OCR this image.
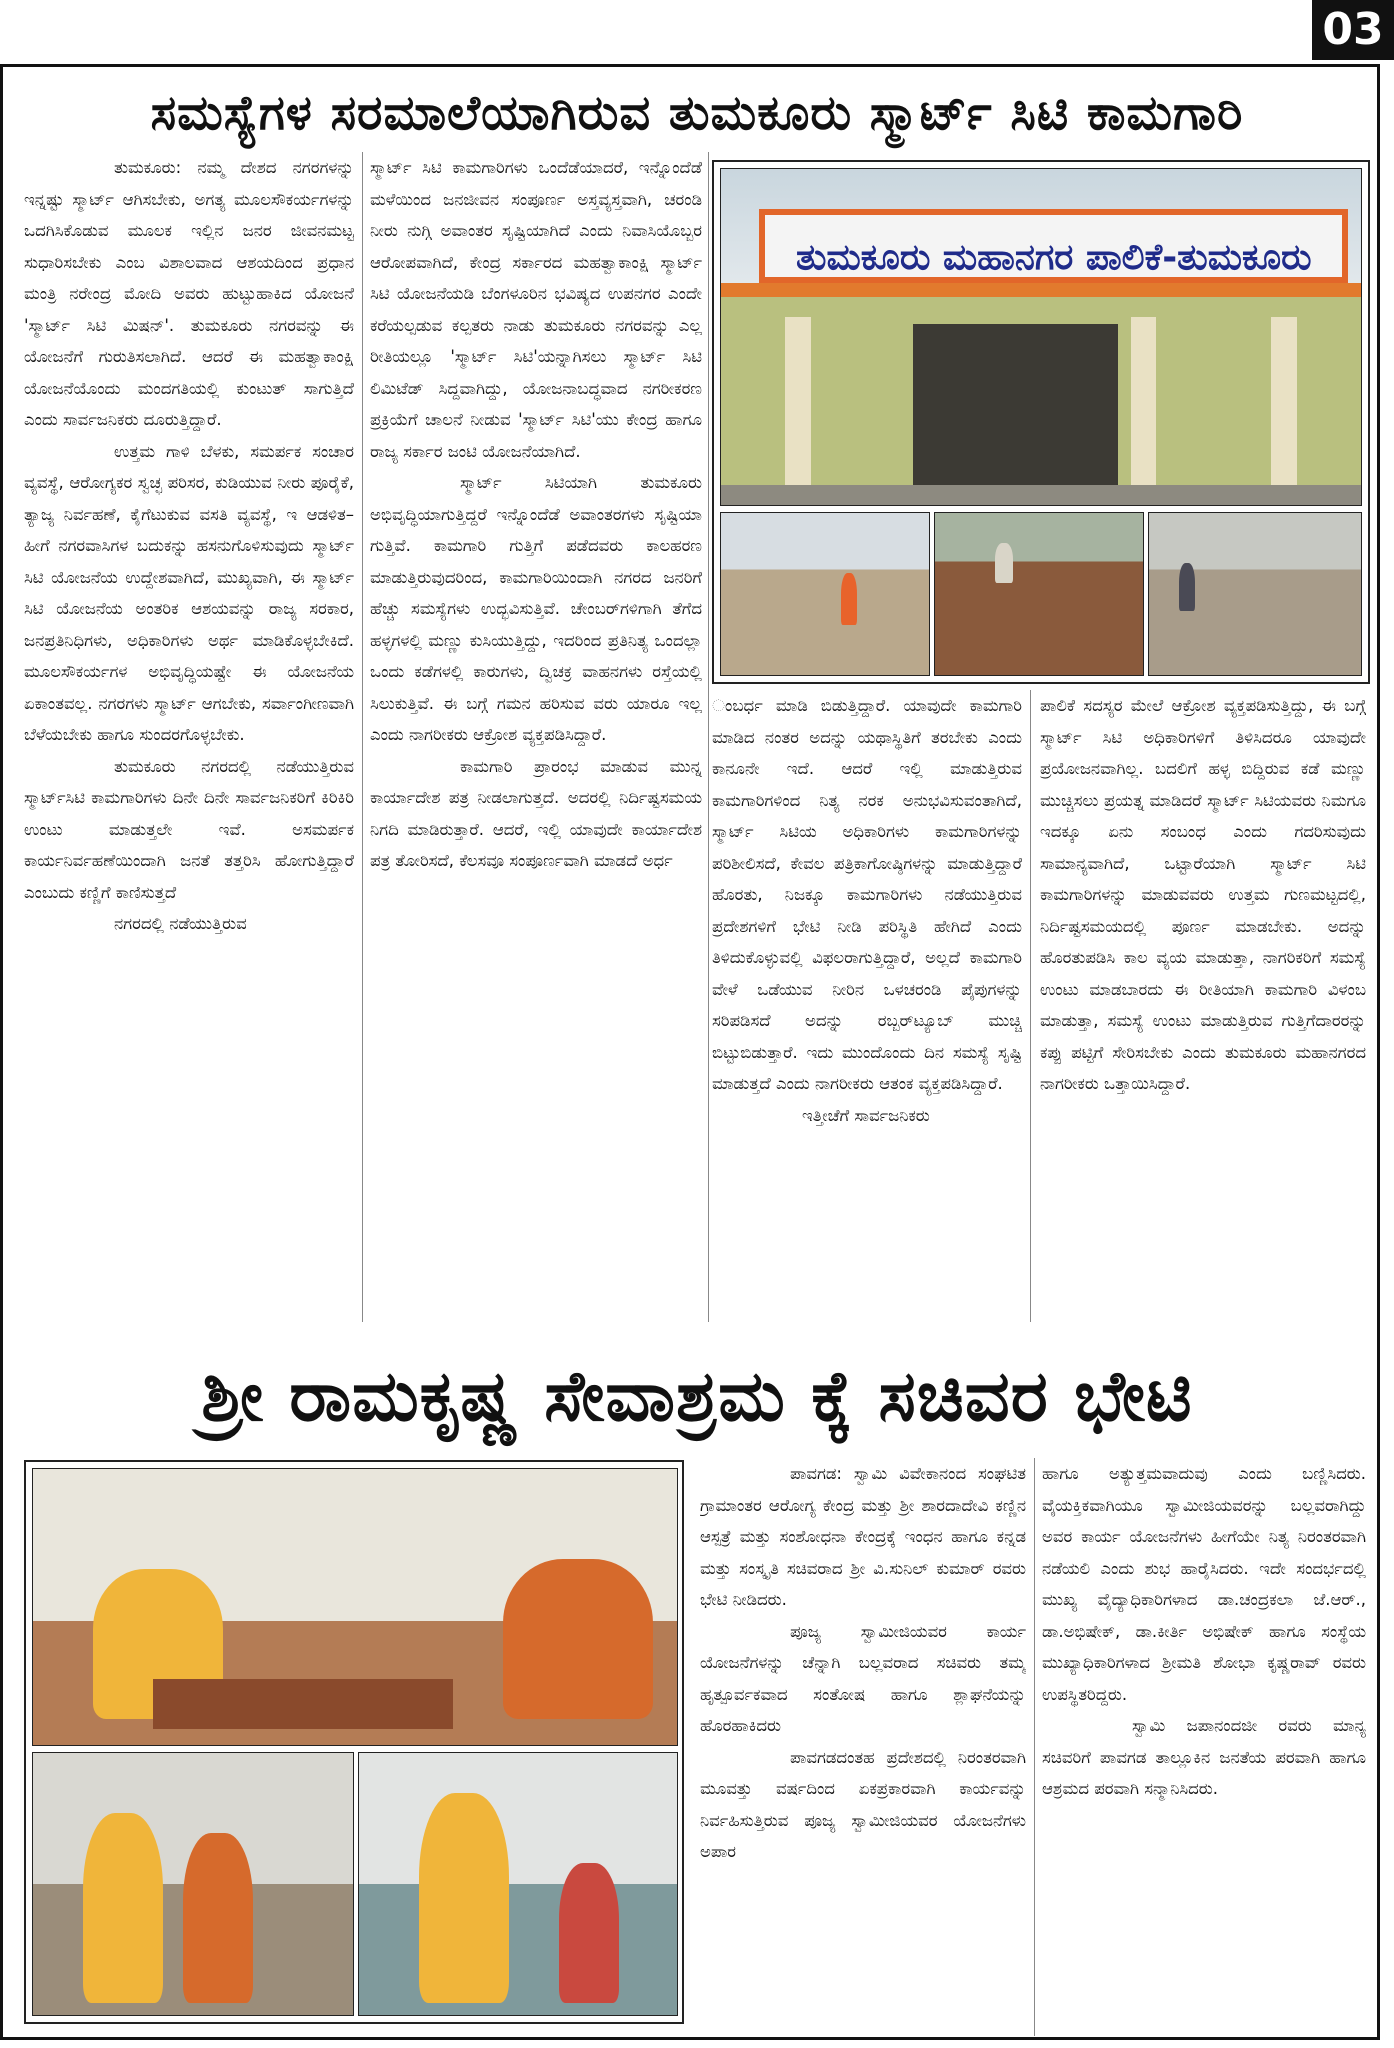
03
ಸಮಸ್ಯೆಗಳ ಸರಮಾಲೆಯಾಗಿರುವ ತುಮಕೂರು ಸ್ಮಾರ್ಟ್ ಸಿಟಿ ಕಾಮಗಾರಿ

ತುಮಕೂರು: ನಮ್ಮ ದೇಶದ ನಗರಗಳನ್ನು ಇನ್ನಷ್ಟು ಸ್ಮಾರ್ಟ್ ಆಗಿಸಬೇಕು, ಅಗತ್ಯ ಮೂಲಸೌಕರ್ಯಗಳನ್ನು ಒದಗಿಸಿಕೊಡುವ ಮೂಲಕ ಇಲ್ಲಿನ ಜನರ ಜೀವನಮಟ್ಟ ಸುಧಾರಿಸಬೇಕು ಎಂಬ ವಿಶಾಲವಾದ ಆಶಯದಿಂದ ಪ್ರಧಾನ ಮಂತ್ರಿ ನರೇಂದ್ರ ಮೋದಿ ಅವರು ಹುಟ್ಟುಹಾಕಿದ ಯೋಜನೆ 'ಸ್ಮಾರ್ಟ್ ಸಿಟಿ ಮಿಷನ್'. ತುಮಕೂರು ನಗರವನ್ನು ಈ ಯೋಜನೆಗೆ ಗುರುತಿಸಲಾಗಿದೆ. ಆದರೆ ಈ ಮಹತ್ವಾಕಾಂಕ್ಷಿ ಯೋಜನೆಯೊಂದು ಮಂದಗತಿಯಲ್ಲಿ ಕುಂಟುತ್ ಸಾಗುತ್ತಿದೆ ಎಂದು ಸಾರ್ವಜನಿಕರು ದೂರುತ್ತಿದ್ದಾರೆ.

ಉತ್ತಮ ಗಾಳಿ ಬೆಳಕು, ಸಮರ್ಪಕ ಸಂಚಾರ ವ್ಯವಸ್ಥೆ, ಆರೋಗ್ಯಕರ ಸ್ವಚ್ಛ ಪರಿಸರ, ಕುಡಿಯುವ ನೀರು ಪೂರೈಕೆ, ತ್ಯಾಜ್ಯ ನಿರ್ವಹಣೆ, ಕೈಗೆಟುಕುವ ವಸತಿ ವ್ಯವಸ್ಥೆ, ಇ ಆಡಳಿತ– ಹೀಗೆ ನಗರವಾಸಿಗಳ ಬದುಕನ್ನು ಹಸನುಗೊಳಿಸುವುದು ಸ್ಮಾರ್ಟ್ ಸಿಟಿ ಯೋಜನೆಯ ಉದ್ದೇಶವಾಗಿದೆ, ಮುಖ್ಯವಾಗಿ, ಈ ಸ್ಮಾರ್ಟ್ ಸಿಟಿ ಯೋಜನೆಯ ಅಂತರಿಕ ಆಶಯವನ್ನು ರಾಜ್ಯ ಸರಕಾರ, ಜನಪ್ರತಿನಿಧಿಗಳು, ಅಧಿಕಾರಿಗಳು ಅರ್ಥ ಮಾಡಿಕೊಳ್ಳಬೇಕಿದೆ. ಮೂಲಸೌಕರ್ಯಗಳ ಅಭಿವೃದ್ಧಿಯಷ್ಟೇ ಈ ಯೋಜನೆಯ ಏಕಾಂತವಲ್ಲ. ನಗರಗಳು ಸ್ಮಾರ್ಟ್ ಆಗಬೇಕು, ಸರ್ವಾಂಗೀಣವಾಗಿ ಬೆಳೆಯಬೇಕು ಹಾಗೂ ಸುಂದರಗೊಳ್ಳಬೇಕು.

ತುಮಕೂರು ನಗರದಲ್ಲಿ ನಡೆಯುತ್ತಿರುವ ಸ್ಮಾರ್ಟ್‌ಸಿಟಿ ಕಾಮಗಾರಿಗಳು ದಿನೇ ದಿನೇ ಸಾರ್ವಜನಿಕರಿಗೆ ಕಿರಿಕಿರಿ ಉಂಟು ಮಾಡುತ್ತಲೇ ಇವೆ. ಅಸಮರ್ಪಕ ಕಾರ್ಯನಿರ್ವಹಣೆಯಿಂದಾಗಿ ಜನತೆ ತತ್ತರಿಸಿ ಹೋಗುತ್ತಿದ್ದಾರೆ ಎಂಬುದು ಕಣ್ಣಿಗೆ ಕಾಣಿಸುತ್ತದೆ

ನಗರದಲ್ಲಿ ನಡೆಯುತ್ತಿರುವ

ಸ್ಮಾರ್ಟ್ ಸಿಟಿ ಕಾಮಗಾರಿಗಳು ಒಂದೆಡೆಯಾದರೆ, ಇನ್ನೊಂದೆಡೆ ಮಳೆಯಿಂದ ಜನಜೀವನ ಸಂಪೂರ್ಣ ಅಸ್ತವ್ಯಸ್ತವಾಗಿ, ಚರಂಡಿ ನೀರು ನುಗ್ಗಿ ಅವಾಂತರ ಸೃಷ್ಟಿಯಾಗಿದೆ ಎಂದು ನಿವಾಸಿಯೊಬ್ಬರ ಆರೋಪವಾಗಿದೆ, ಕೇಂದ್ರ ಸರ್ಕಾರದ ಮಹತ್ವಾಕಾಂಕ್ಷಿ ಸ್ಮಾರ್ಟ್ ಸಿಟಿ ಯೋಜನೆಯಡಿ ಬೆಂಗಳೂರಿನ ಭವಿಷ್ಯದ ಉಪನಗರ ಎಂದೇ ಕರೆಯಲ್ಪಡುವ ಕಲ್ಪತರು ನಾಡು ತುಮಕೂರು ನಗರವನ್ನು ಎಲ್ಲ ರೀತಿಯಲ್ಲೂ 'ಸ್ಮಾರ್ಟ್ ಸಿಟಿ'ಯನ್ನಾಗಿಸಲು ಸ್ಮಾರ್ಟ್ ಸಿಟಿ ಲಿಮಿಟೆಡ್ ಸಿದ್ದವಾಗಿದ್ದು, ಯೋಜನಾಬದ್ಧವಾದ ನಗರೀಕರಣ ಪ್ರಕ್ರಿಯೆಗೆ ಚಾಲನೆ ನೀಡುವ 'ಸ್ಮಾರ್ಟ್ ಸಿಟಿ'ಯು ಕೇಂದ್ರ ಹಾಗೂ ರಾಜ್ಯ ಸರ್ಕಾರ ಜಂಟಿ ಯೋಜನೆಯಾಗಿದೆ.

ಸ್ಮಾರ್ಟ್ ಸಿಟಿಯಾಗಿ ತುಮಕೂರು ಅಭಿವೃದ್ಧಿಯಾಗುತ್ತಿದ್ದರೆ ಇನ್ನೊಂದೆಡೆ ಅವಾಂತರಗಳು ಸೃಷ್ಟಿಯಾ ಗುತ್ತಿವೆ. ಕಾಮಗಾರಿ ಗುತ್ತಿಗೆ ಪಡೆದವರು ಕಾಲಹರಣ ಮಾಡುತ್ತಿರುವುದರಿಂದ, ಕಾಮಗಾರಿಯಿಂದಾಗಿ ನಗರದ ಜನರಿಗೆ ಹೆಚ್ಚು ಸಮಸ್ಯೆಗಳು ಉದ್ಭವಿಸುತ್ತಿವೆ. ಚೇಂಬರ್‌ಗಳಿಗಾಗಿ ತೆಗೆದ ಹಳ್ಳಗಳಲ್ಲಿ ಮಣ್ಣು ಕುಸಿಯುತ್ತಿದ್ದು, ಇದರಿಂದ ಪ್ರತಿನಿತ್ಯ ಒಂದಲ್ಲಾ ಒಂದು ಕಡೆಗಳಲ್ಲಿ ಕಾರುಗಳು, ದ್ವಿಚಕ್ರ ವಾಹನಗಳು ರಸ್ತೆಯಲ್ಲಿ ಸಿಲುಕುತ್ತಿವೆ. ಈ ಬಗ್ಗೆ ಗಮನ ಹರಿಸುವ ವರು ಯಾರೂ ಇಲ್ಲ ಎಂದು ನಾಗರೀಕರು ಆಕ್ರೋಶ ವ್ಯಕ್ತಪಡಿಸಿದ್ದಾರೆ.

ಕಾಮಗಾರಿ ಪ್ರಾರಂಭ ಮಾಡುವ ಮುನ್ನ ಕಾರ್ಯಾದೇಶ ಪತ್ರ ನೀಡಲಾಗುತ್ತದೆ. ಅದರಲ್ಲಿ ನಿರ್ದಿಷ್ಟಸಮಯ ನಿಗದಿ ಮಾಡಿರುತ್ತಾರೆ. ಆದರೆ, ಇಲ್ಲಿ ಯಾವುದೇ ಕಾರ್ಯಾದೇಶ ಪತ್ರ ತೋರಿಸದೆ, ಕೆಲಸವೂ ಸಂಪೂರ್ಣವಾಗಿ ಮಾಡದೆ ಅರ್ಧ

ತುಮಕೂರು ಮಹಾನಗರ ಪಾಲಿಕೆ-ತುಮಕೂರು

ಂಬರ್ಧ ಮಾಡಿ ಬಿಡುತ್ತಿದ್ದಾರೆ. ಯಾವುದೇ ಕಾಮಗಾರಿ ಮಾಡಿದ ನಂತರ ಅದನ್ನು ಯಥಾಸ್ಥಿತಿಗೆ ತರಬೇಕು ಎಂದು ಕಾನೂನೇ ಇದೆ. ಆದರೆ ಇಲ್ಲಿ ಮಾಡುತ್ತಿರುವ ಕಾಮಗಾರಿಗಳಿಂದ ನಿತ್ಯ ನರಕ ಅನುಭವಿಸುವಂತಾಗಿದೆ, ಸ್ಮಾರ್ಟ್ ಸಿಟಿಯ ಅಧಿಕಾರಿಗಳು ಕಾಮಗಾರಿಗಳನ್ನು ಪರಿಶೀಲಿಸದೆ, ಕೇವಲ ಪತ್ರಿಕಾಗೋಷ್ಠಿಗಳನ್ನು ಮಾಡುತ್ತಿದ್ದಾರೆ ಹೊರತು, ನಿಜಕ್ಕೂ ಕಾಮಗಾರಿಗಳು ನಡೆಯುತ್ತಿರುವ ಪ್ರದೇಶಗಳಿಗೆ ಭೇಟಿ ನೀಡಿ ಪರಿಸ್ಥಿತಿ ಹೇಗಿದೆ ಎಂದು ತಿಳಿದುಕೊಳ್ಳುವಲ್ಲಿ ವಿಫಲರಾಗುತ್ತಿದ್ದಾರೆ, ಅಲ್ಲದೆ ಕಾಮಗಾರಿ ವೇಳೆ ಒಡೆಯುವ ನೀರಿನ ಒಳಚರಂಡಿ ಪೈಪುಗಳನ್ನು ಸರಿಪಡಿಸದೆ ಅದನ್ನು ರಬ್ಬರ್‌ಟ್ಯೂಬ್ ಮುಚ್ಚಿ ಬಿಟ್ಟುಬಿಡುತ್ತಾರೆ. ಇದು ಮುಂದೊಂದು ದಿನ ಸಮಸ್ಯೆ ಸೃಷ್ಟಿ ಮಾಡುತ್ತದೆ ಎಂದು ನಾಗರೀಕರು ಆತಂಕ ವ್ಯಕ್ತಪಡಿಸಿದ್ದಾರೆ.

ಇತ್ತೀಚೆಗೆ ಸಾರ್ವಜನಿಕರು

ಪಾಲಿಕೆ ಸದಸ್ಯರ ಮೇಲೆ ಆಕ್ರೋಶ ವ್ಯಕ್ತಪಡಿಸುತ್ತಿದ್ದು, ಈ ಬಗ್ಗೆ ಸ್ಮಾರ್ಟ್ ಸಿಟಿ ಅಧಿಕಾರಿಗಳಿಗೆ ತಿಳಿಸಿದರೂ ಯಾವುದೇ ಪ್ರಯೋಜನವಾಗಿಲ್ಲ. ಬದಲಿಗೆ ಹಳ್ಳ ಬಿದ್ದಿರುವ ಕಡೆ ಮಣ್ಣು ಮುಚ್ಚಿಸಲು ಪ್ರಯತ್ನ ಮಾಡಿದರೆ ಸ್ಮಾರ್ಟ್ ಸಿಟಿಯವರು ನಿಮಗೂ ಇದಕ್ಕೂ ಏನು ಸಂಬಂಧ ಎಂದು ಗದರಿಸುವುದು ಸಾಮಾನ್ಯವಾಗಿದೆ, ಒಟ್ಟಾರೆಯಾಗಿ ಸ್ಮಾರ್ಟ್ ಸಿಟಿ ಕಾಮಗಾರಿಗಳನ್ನು ಮಾಡುವವರು ಉತ್ತಮ ಗುಣಮಟ್ಟದಲ್ಲಿ, ನಿರ್ದಿಷ್ಟಸಮಯದಲ್ಲಿ ಪೂರ್ಣ ಮಾಡಬೇಕು. ಅದನ್ನು ಹೊರತುಪಡಿಸಿ ಕಾಲ ವ್ಯಯ ಮಾಡುತ್ತಾ, ನಾಗರಿಕರಿಗೆ ಸಮಸ್ಯೆ ಉಂಟು ಮಾಡಬಾರದು ಈ ರೀತಿಯಾಗಿ ಕಾಮಗಾರಿ ವಿಳಂಬ ಮಾಡುತ್ತಾ, ಸಮಸ್ಯೆ ಉಂಟು ಮಾಡುತ್ತಿರುವ ಗುತ್ತಿಗೆದಾರರನ್ನು ಕಪ್ಪು ಪಟ್ಟಿಗೆ ಸೇರಿಸಬೇಕು ಎಂದು ತುಮಕೂರು ಮಹಾನಗರದ ನಾಗರೀಕರು ಒತ್ತಾಯಿಸಿದ್ದಾರೆ.

ಶ್ರೀ ರಾಮಕೃಷ್ಣ ಸೇವಾಶ್ರಮ ಕ್ಕೆ ಸಚಿವರ ಭೇಟಿ

ಪಾವಗಡ: ಸ್ವಾಮಿ ವಿವೇಕಾನಂದ ಸಂಘಟಿತ ಗ್ರಾಮಾಂತರ ಆರೋಗ್ಯ ಕೇಂದ್ರ ಮತ್ತು ಶ್ರೀ ಶಾರದಾದೇವಿ ಕಣ್ಣಿನ ಆಸ್ಪತ್ರೆ ಮತ್ತು ಸಂಶೋಧನಾ ಕೇಂದ್ರಕ್ಕೆ ಇಂಧನ ಹಾಗೂ ಕನ್ನಡ ಮತ್ತು ಸಂಸ್ಕೃತಿ ಸಚಿವರಾದ ಶ್ರೀ ವಿ.ಸುನಿಲ್ ಕುಮಾರ್ ರವರು ಭೇಟಿ ನೀಡಿದರು.

ಪೂಜ್ಯ ಸ್ವಾಮೀಜಿಯವರ ಕಾರ್ಯ ಯೋಜನೆಗಳನ್ನು ಚೆನ್ನಾಗಿ ಬಲ್ಲವರಾದ ಸಚಿವರು ತಮ್ಮ ಹೃತ್ಪೂರ್ವಕವಾದ ಸಂತೋಷ ಹಾಗೂ ಶ್ಲಾಘನೆಯನ್ನು ಹೊರಹಾಕಿದರು

ಪಾವಗಡದಂತಹ ಪ್ರದೇಶದಲ್ಲಿ ನಿರಂತರವಾಗಿ ಮೂವತ್ತು ವರ್ಷದಿಂದ ಏಕಪ್ರಕಾರವಾಗಿ ಕಾರ್ಯವನ್ನು ನಿರ್ವಹಿಸುತ್ತಿರುವ ಪೂಜ್ಯ ಸ್ವಾಮೀಜಿಯವರ ಯೋಜನೆಗಳು ಅಪಾರ

ಹಾಗೂ ಅತ್ಯುತ್ತಮವಾದುವು ಎಂದು ಬಣ್ಣಿಸಿದರು. ವೈಯಕ್ತಿಕವಾಗಿಯೂ ಸ್ವಾಮೀಜಿಯವರನ್ನು ಬಲ್ಲವರಾಗಿದ್ದು ಅವರ ಕಾರ್ಯ ಯೋಜನೆಗಳು ಹೀಗೆಯೇ ನಿತ್ಯ ನಿರಂತರವಾಗಿ ನಡೆಯಲಿ ಎಂದು ಶುಭ ಹಾರೈಸಿದರು. ಇದೇ ಸಂದರ್ಭದಲ್ಲಿ ಮುಖ್ಯ ವೈದ್ಯಾಧಿಕಾರಿಗಳಾದ ಡಾ.ಚಂದ್ರಕಲಾ ಜೆ.ಆರ್., ಡಾ.ಅಭಿಷೇಕ್, ಡಾ.ಕೀರ್ತಿ ಅಭಿಷೇಕ್ ಹಾಗೂ ಸಂಸ್ಥೆಯ ಮುಖ್ಯಾಧಿಕಾರಿಗಳಾದ ಶ್ರೀಮತಿ ಶೋಭಾ ಕೃಷ್ಣರಾವ್ ರವರು ಉಪಸ್ಥಿತರಿದ್ದರು.

ಸ್ವಾಮಿ ಜಪಾನಂದಜೀ ರವರು ಮಾನ್ಯ ಸಚಿವರಿಗೆ ಪಾವಗಡ ತಾಲ್ಲೂಕಿನ ಜನತೆಯ ಪರವಾಗಿ ಹಾಗೂ ಆಶ್ರಮದ ಪರವಾಗಿ ಸನ್ಮಾನಿಸಿದರು.
